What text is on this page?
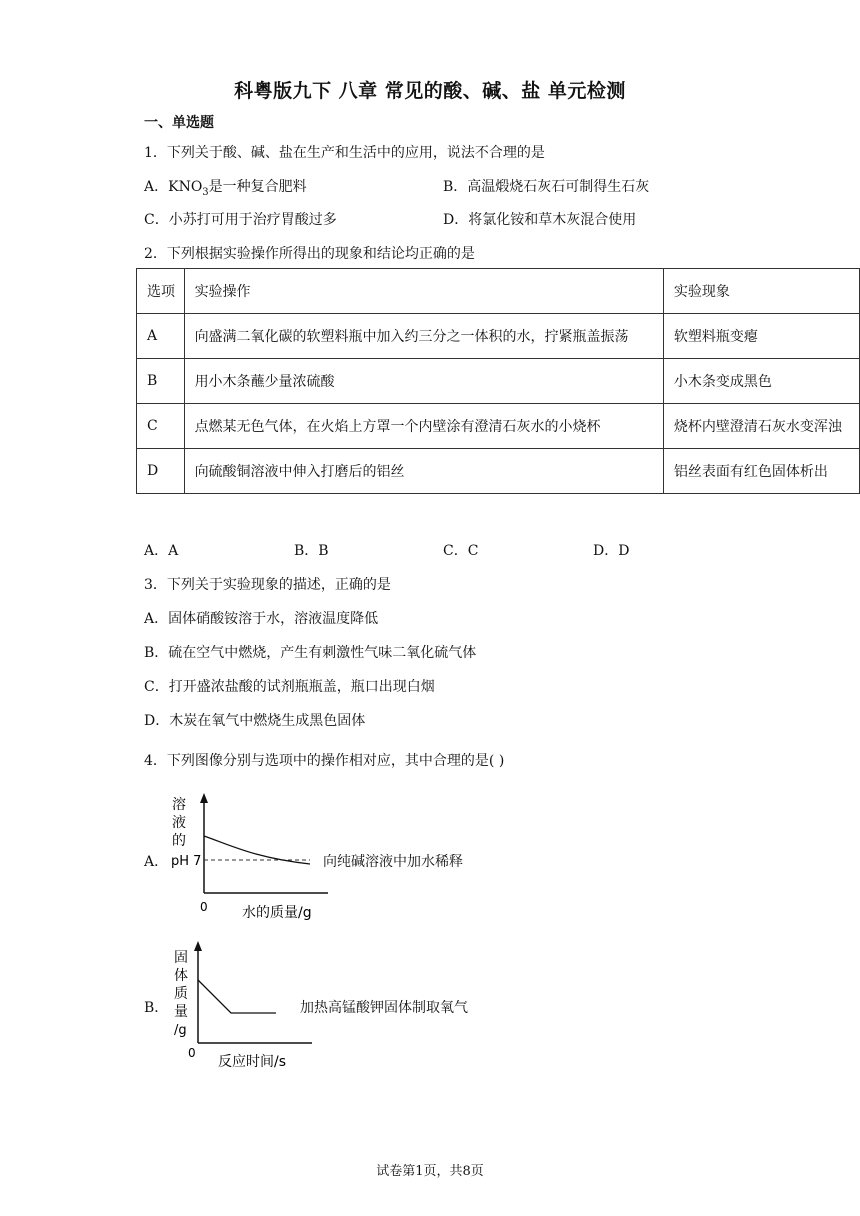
科粤版九下 八章 常见的酸、碱、盐 单元检测
一、单选题
1．下列关于酸、碱、盐在生产和生活中的应用，说法不合理的是
A．$KNO_3$是一种复合肥料	B．高温煅烧石灰石可制得生石灰
C．小苏打可用于治疗胃酸过多	D．将氯化铵和草木灰混合使用
2．下列根据实验操作所得出的现象和结论均正确的是
选项	实验操作	实验现象
A	向盛满二氧化碳的软塑料瓶中加入约三分之一体积的水，拧紧瓶盖振荡	软塑料瓶变瘪
B	用小木条蘸少量浓硫酸	小木条变成黑色
C	点燃某无色气体，在火焰上方罩一个内壁涂有澄清石灰水的小烧杯	烧杯内壁澄清石灰水变浑浊
D	向硫酸铜溶液中伸入打磨后的铝丝	铝丝表面有红色固体析出
A．A	B．B	C．C	D．D
3．下列关于实验现象的描述，正确的是
A．固体硝酸铵溶于水，溶液温度降低
B．硫在空气中燃烧，产生有刺激性气味二氧化硫气体
C．打开盛浓盐酸的试剂瓶瓶盖，瓶口出现白烟
D．木炭在氧气中燃烧生成黑色固体
4．下列图像分别与选项中的操作相对应，其中合理的是( )
A．
溶
液
的
pH 7
0 水的质量/g
向纯碱溶液中加水稀释
B．
固
体
质
量
/g
0
反应时间/s
加热高锰酸钾固体制取氧气
试卷第1页，共8页
